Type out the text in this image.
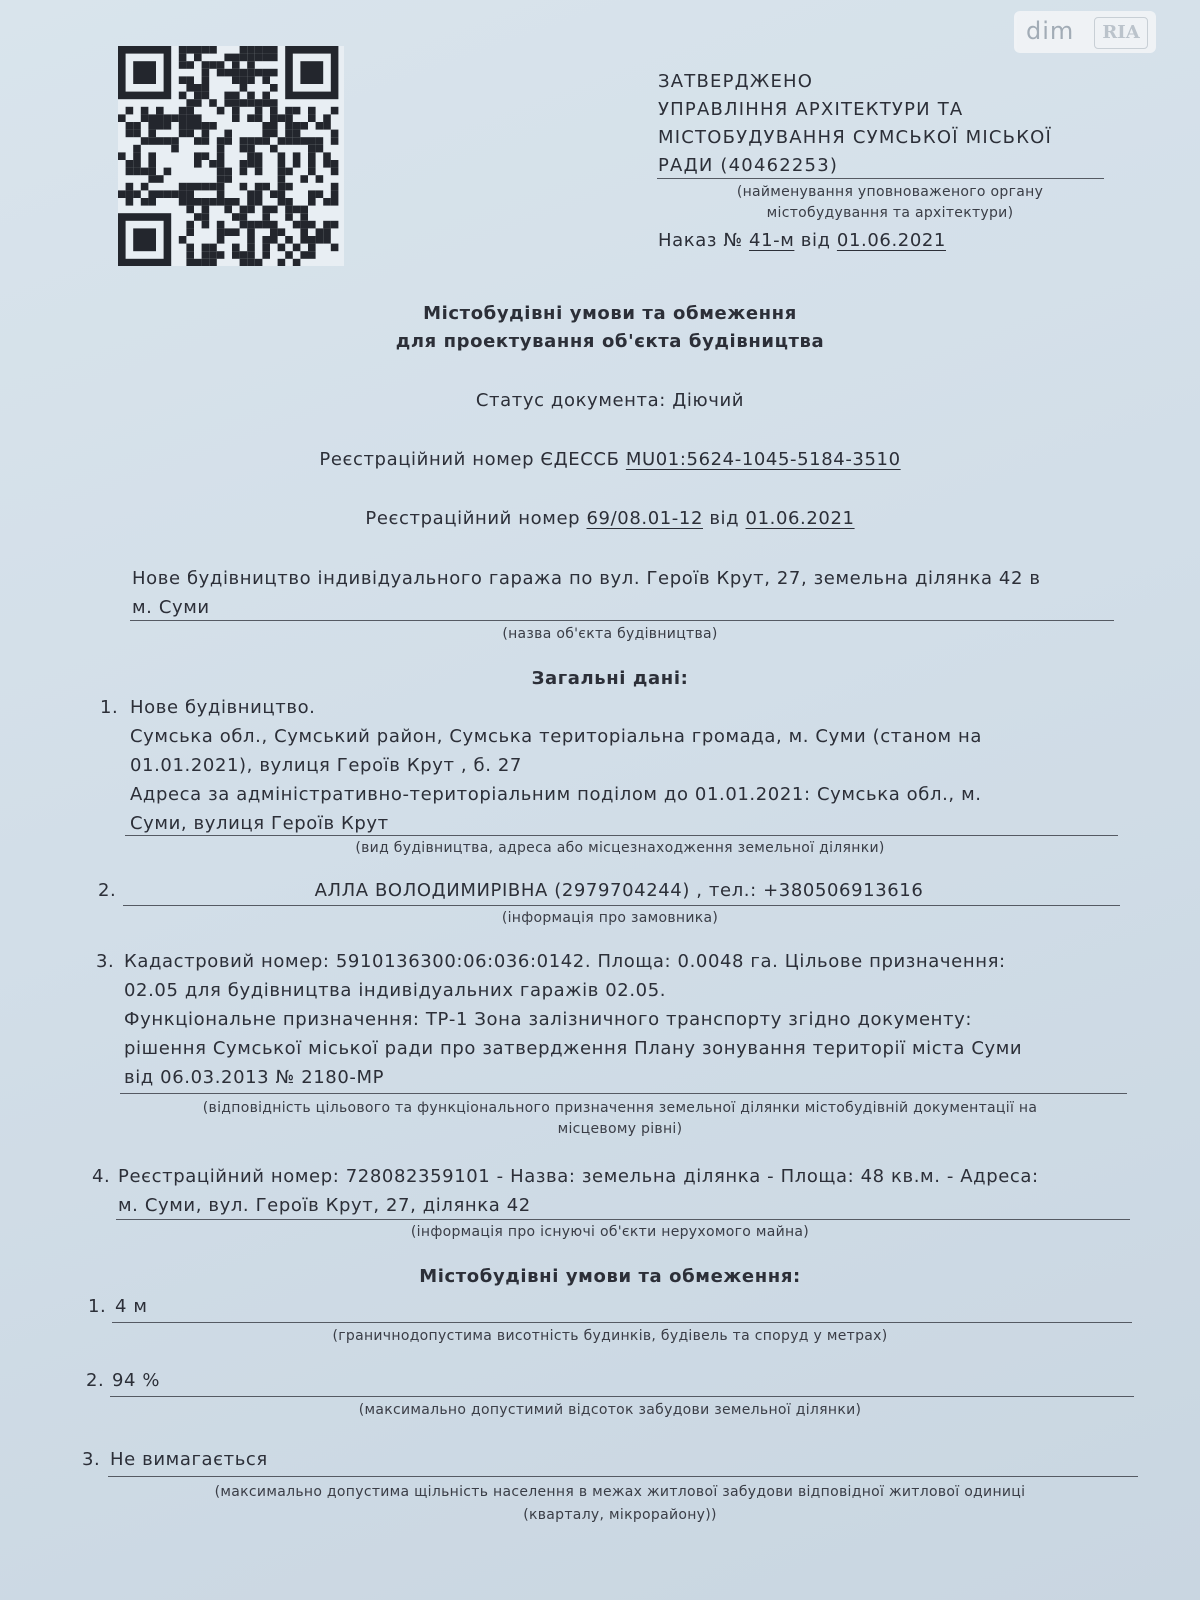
dim	RIA
ЗАТВЕРДЖЕНО
УПРАВЛІННЯ АРХІТЕКТУРИ ТА
МІСТОБУДУВАННЯ СУМСЬКОЇ МІСЬКОЇ
РАДИ (40462253)
(найменування уповноваженого органу
містобудування та архітектури)
Наказ № 41-м від 01.06.2021
Містобудівні умови та обмеження
для проектування об'єкта будівництва
Статус документа: Діючий
Реєстраційний номер ЄДЕССБ MU01:5624-1045-5184-3510
Реєстраційний номер 69/08.01-12 від 01.06.2021
Нове будівництво індивідуального гаража по вул. Героїв Крут, 27, земельна ділянка 42 в
м. Суми
(назва об'єкта будівництва)
Загальні дані:
1. Нове будівництво.
Сумська обл., Сумський район, Сумська територіальна громада, м. Суми (станом на
01.01.2021), вулиця Героїв Крут , б. 27
Адреса за адміністративно-територіальним поділом до 01.01.2021: Сумська обл., м.
Суми, вулиця Героїв Крут
(вид будівництва, адреса або місцезнаходження земельної ділянки)
2.	АЛЛА ВОЛОДИМИРІВНА (2979704244) , тел.: +380506913616
(інформація про замовника)
3. Кадастровий номер: 5910136300:06:036:0142. Площа: 0.0048 га. Цільове призначення:
02.05 для будівництва індивідуальних гаражів 02.05.
Функціональне призначення: ТР-1 Зона залізничного транспорту згідно документу:
рішення Сумської міської ради про затвердження Плану зонування території міста Суми
від 06.03.2013 № 2180-МР
(відповідність цільового та функціонального призначення земельної ділянки містобудівній документації на
місцевому рівні)
4. Реєстраційний номер: 728082359101 - Назва: земельна ділянка - Площа: 48 кв.м. - Адреса:
м. Суми, вул. Героїв Крут, 27, ділянка 42
(інформація про існуючі об'єкти нерухомого майна)
Містобудівні умови та обмеження:
1. 4 м
(граничнодопустима висотність будинків, будівель та споруд у метрах)
2. 94 %
(максимально допустимий відсоток забудови земельної ділянки)
3. Не вимагається
(максимально допустима щільність населення в межах житлової забудови відповідної житлової одиниці
(кварталу, мікрорайону))
